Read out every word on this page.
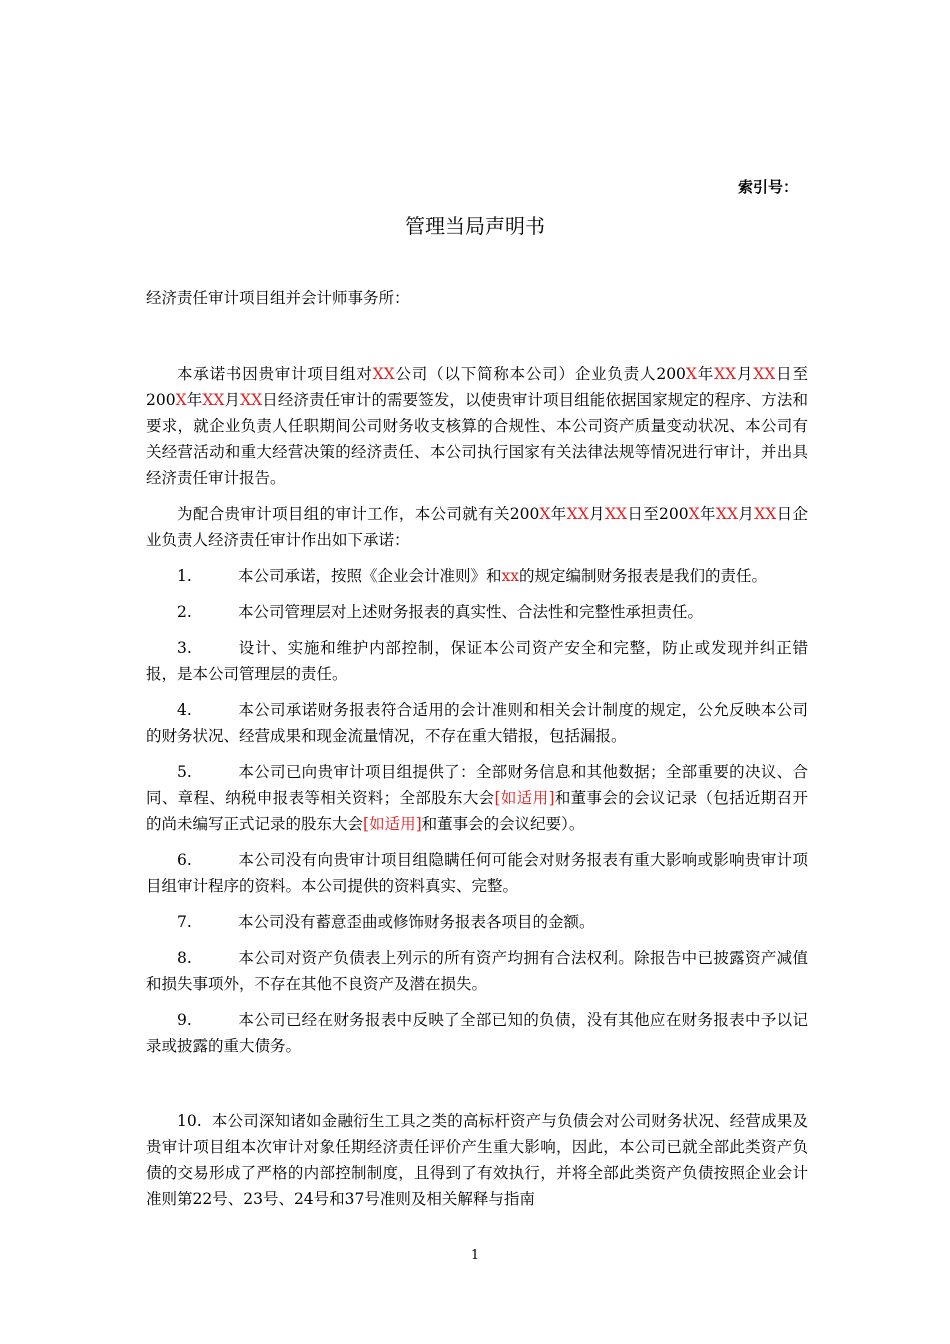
索引号：
管理当局声明书
经济责任审计项目组并会计师事务所：

本承诺书因贵审计项目组对XX公司（以下简称本公司）企业负责人200X年XX月XX日至200X年XX月XX日经济责任审计的需要签发，以使贵审计项目组能依据国家规定的程序、方法和要求，就企业负责人任职期间公司财务收支核算的合规性、本公司资产质量变动状况、本公司有关经营活动和重大经营决策的经济责任、本公司执行国家有关法律法规等情况进行审计，并出具经济责任审计报告。

为配合贵审计项目组的审计工作，本公司就有关200X年XX月XX日至200X年XX月XX日企业负责人经济责任审计作出如下承诺：

1.	本公司承诺，按照《企业会计准则》和xx的规定编制财务报表是我们的责任。

2.	本公司管理层对上述财务报表的真实性、合法性和完整性承担责任。

3.	设计、实施和维护内部控制，保证本公司资产安全和完整，防止或发现并纠正错报，是本公司管理层的责任。

4.	本公司承诺财务报表符合适用的会计准则和相关会计制度的规定，公允反映本公司的财务状况、经营成果和现金流量情况，不存在重大错报，包括漏报。

5.	本公司已向贵审计项目组提供了：全部财务信息和其他数据；全部重要的决议、合同、章程、纳税申报表等相关资料；全部股东大会[如适用]和董事会的会议记录（包括近期召开的尚未编写正式记录的股东大会[如适用]和董事会的会议纪要）。

6.	本公司没有向贵审计项目组隐瞒任何可能会对财务报表有重大影响或影响贵审计项目组审计程序的资料。本公司提供的资料真实、完整。

7.	本公司没有蓄意歪曲或修饰财务报表各项目的金额。

8.	本公司对资产负债表上列示的所有资产均拥有合法权利。除报告中已披露资产减值和损失事项外，不存在其他不良资产及潜在损失。

9.	本公司已经在财务报表中反映了全部已知的负债，没有其他应在财务报表中予以记录或披露的重大债务。

10. 本公司深知诸如金融衍生工具之类的高标杆资产与负债会对公司财务状况、经营成果及贵审计项目组本次审计对象任期经济责任评价产生重大影响，因此，本公司已就全部此类资产负债的交易形成了严格的内部控制制度，且得到了有效执行，并将全部此类资产负债按照企业会计准则第22号、23号、24号和37号准则及相关解释与指南

1
